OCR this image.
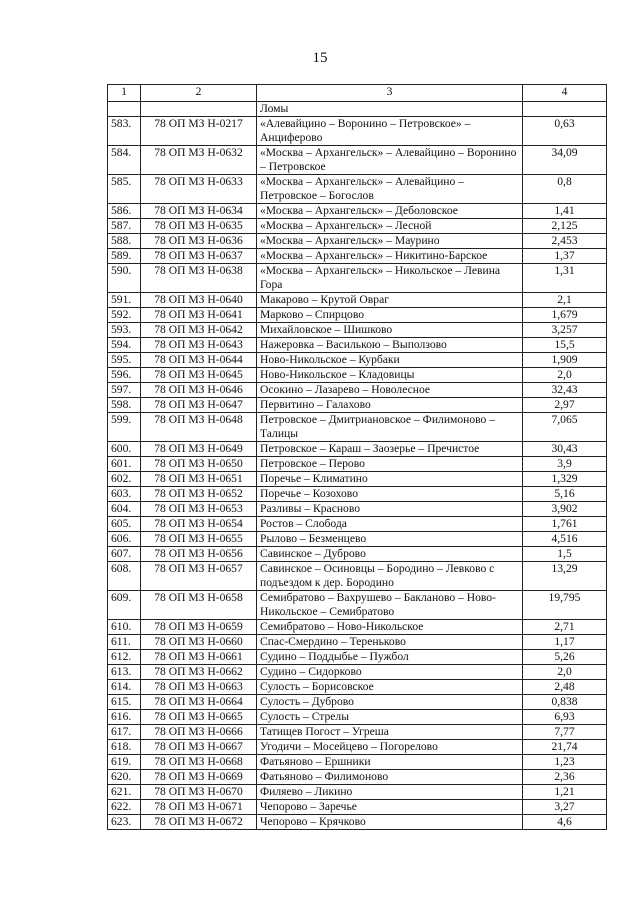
15
1	2	3	4
		Ломы	
583.	78 ОП МЗ Н-0217	«Алевайцино – Воронино – Петровское» – Анциферово	0,63
584.	78 ОП МЗ Н-0632	«Москва – Архангельск» – Алевайцино – Воронино – Петровское	34,09
585.	78 ОП МЗ Н-0633	«Москва – Архангельск» – Алевайцино – Петровское – Богослов	0,8
586.	78 ОП МЗ Н-0634	«Москва – Архангельск» – Деболовское	1,41
587.	78 ОП МЗ Н-0635	«Москва – Архангельск» – Лесной	2,125
588.	78 ОП МЗ Н-0636	«Москва – Архангельск» – Маурино	2,453
589.	78 ОП МЗ Н-0637	«Москва – Архангельск» – Никитино-Барское	1,37
590.	78 ОП МЗ Н-0638	«Москва – Архангельск» – Никольское – Левина Гора	1,31
591.	78 ОП МЗ Н-0640	Макарово – Крутой Овраг	2,1
592.	78 ОП МЗ Н-0641	Марково – Спирцово	1,679
593.	78 ОП МЗ Н-0642	Михайловское – Шишково	3,257
594.	78 ОП МЗ Н-0643	Нажеровка – Василькою – Выползово	15,5
595.	78 ОП МЗ Н-0644	Ново-Никольское – Курбаки	1,909
596.	78 ОП МЗ Н-0645	Ново-Никольское – Кладовицы	2,0
597.	78 ОП МЗ Н-0646	Осокино – Лазарево – Новолесное	32,43
598.	78 ОП МЗ Н-0647	Первитино – Галахово	2,97
599.	78 ОП МЗ Н-0648	Петровское – Дмитриановское – Филимоново – Талицы	7,065
600.	78 ОП МЗ Н-0649	Петровское – Караш – Заозерье – Пречистое	30,43
601.	78 ОП МЗ Н-0650	Петровское – Перово	3,9
602.	78 ОП МЗ Н-0651	Поречье – Климатино	1,329
603.	78 ОП МЗ Н-0652	Поречье – Козохово	5,16
604.	78 ОП МЗ Н-0653	Разливы – Красново	3,902
605.	78 ОП МЗ Н-0654	Ростов – Слобода	1,761
606.	78 ОП МЗ Н-0655	Рылово – Безменцево	4,516
607.	78 ОП МЗ Н-0656	Савинское – Дуброво	1,5
608.	78 ОП МЗ Н-0657	Савинское – Осиновцы – Бородино – Левково с подъездом к дер. Бородино	13,29
609.	78 ОП МЗ Н-0658	Семибратово – Вахрушево – Бакланово – Ново-Никольское – Семибратово	19,795
610.	78 ОП МЗ Н-0659	Семибратово – Ново-Никольское	2,71
611.	78 ОП МЗ Н-0660	Спас-Смердино – Тереньково	1,17
612.	78 ОП МЗ Н-0661	Судино – Поддыбье – Пужбол	5,26
613.	78 ОП МЗ Н-0662	Судино – Сидорково	2,0
614.	78 ОП МЗ Н-0663	Сулость – Борисовское	2,48
615.	78 ОП МЗ Н-0664	Сулость – Дуброво	0,838
616.	78 ОП МЗ Н-0665	Сулость – Стрелы	6,93
617.	78 ОП МЗ Н-0666	Татищев Погост – Угреша	7,77
618.	78 ОП МЗ Н-0667	Угодичи – Мосейцево – Погорелово	21,74
619.	78 ОП МЗ Н-0668	Фатьяново – Ершники	1,23
620.	78 ОП МЗ Н-0669	Фатьяново – Филимоново	2,36
621.	78 ОП МЗ Н-0670	Филяево – Ликино	1,21
622.	78 ОП МЗ Н-0671	Чепорово – Заречье	3,27
623.	78 ОП МЗ Н-0672	Чепорово – Крячково	4,6
